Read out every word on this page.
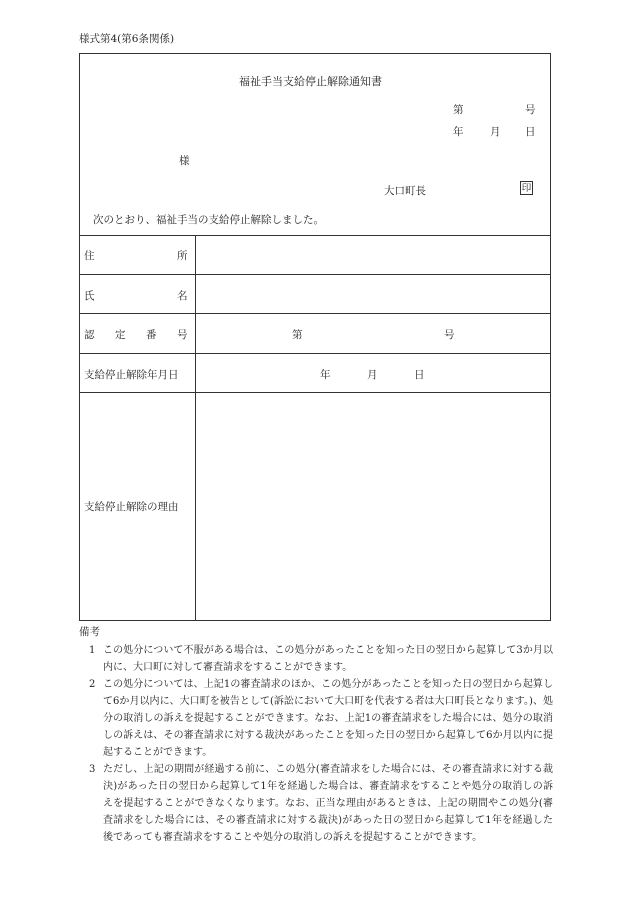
様式第4(第6条関係)
福祉手当支給停止解除通知書
第	号
年	月 日
様
大口町長	印
次のとおり、福祉手当の支給停止解除しました。
住	所
氏	名
認 定 番 号	第	号
支給停止解除年月日	年	月	日
支給停止解除の理由
備考
1 この処分について不服がある場合は、この処分があったことを知った日の翌日から起算して3か月以内に、大口町に対して審査請求をすることができます。
2 この処分については、上記1の審査請求のほか、この処分があったことを知った日の翌日から起算して6か月以内に、大口町を被告として(訴訟において大口町を代表する者は大口町長となります。)、処分の取消しの訴えを提起することができます。なお、上記1の審査請求をした場合には、処分の取消しの訴えは、その審査請求に対する裁決があったことを知った日の翌日から起算して6か月以内に提起することができます。
3 ただし、上記の期間が経過する前に、この処分(審査請求をした場合には、その審査請求に対する裁決)があった日の翌日から起算して1年を経過した場合は、審査請求をすることや処分の取消しの訴えを提起することができなくなります。なお、正当な理由があるときは、上記の期間やこの処分(審査請求をした場合には、その審査請求に対する裁決)があった日の翌日から起算して1年を経過した後であっても審査請求をすることや処分の取消しの訴えを提起することができます。
